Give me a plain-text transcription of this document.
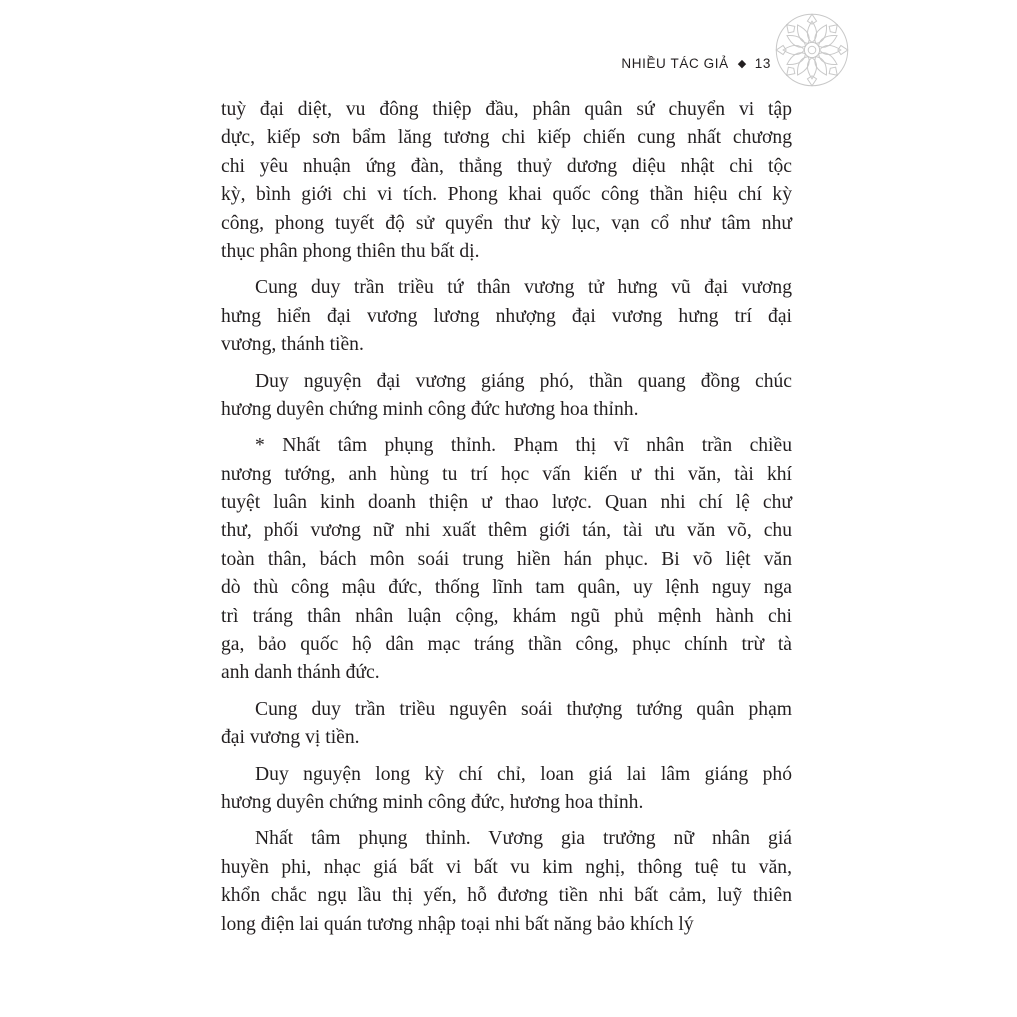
NHIỀU TÁC GIẢ ◆ 13
tuỳ đại diệt, vu đông thiệp đầu, phân quân sứ chuyển vi tập
dực, kiếp sơn bẩm lăng tương chi kiếp chiến cung nhất chương
chi yêu nhuận ứng đàn, thẳng thuỷ dương diệu nhật chi tộc
kỳ, bình giới chi vi tích. Phong khai quốc công thần hiệu chí kỳ
công, phong tuyết độ sử quyển thư kỳ lục, vạn cổ như tâm như
thục phân phong thiên thu bất dị.
Cung duy trần triều tứ thân vương tử hưng vũ đại vương
hưng hiển đại vương lương nhượng đại vương hưng trí đại
vương, thánh tiền.
Duy nguyện đại vương giáng phó, thần quang đồng chúc
hương duyên chứng minh công đức hương hoa thỉnh.
* Nhất tâm phụng thỉnh. Phạm thị vĩ nhân trần chiều
nương tướng, anh hùng tu trí học vấn kiến ư thi văn, tài khí
tuyệt luân kinh doanh thiện ư thao lược. Quan nhi chí lệ chư
thư, phối vương nữ nhi xuất thêm giới tán, tài ưu văn võ, chu
toàn thân, bách môn soái trung hiền hán phục. Bi võ liệt văn
dò thù công mậu đức, thống lĩnh tam quân, uy lệnh nguy nga
trì tráng thân nhân luận cộng, khám ngũ phủ mệnh hành chi
ga, bảo quốc hộ dân mạc tráng thần công, phục chính trừ tà
anh danh thánh đức.
Cung duy trần triều nguyên soái thượng tướng quân phạm
đại vương vị tiền.
Duy nguyện long kỳ chí chỉ, loan giá lai lâm giáng phó
hương duyên chứng minh công đức, hương hoa thỉnh.
Nhất tâm phụng thỉnh. Vương gia trưởng nữ nhân giá
huyền phi, nhạc giá bất vi bất vu kim nghị, thông tuệ tu văn,
khổn chắc ngụ lầu thị yến, hỗ đương tiền nhi bất cảm, luỹ thiên
long điện lai quán tương nhập toại nhi bất năng bảo khích lý
